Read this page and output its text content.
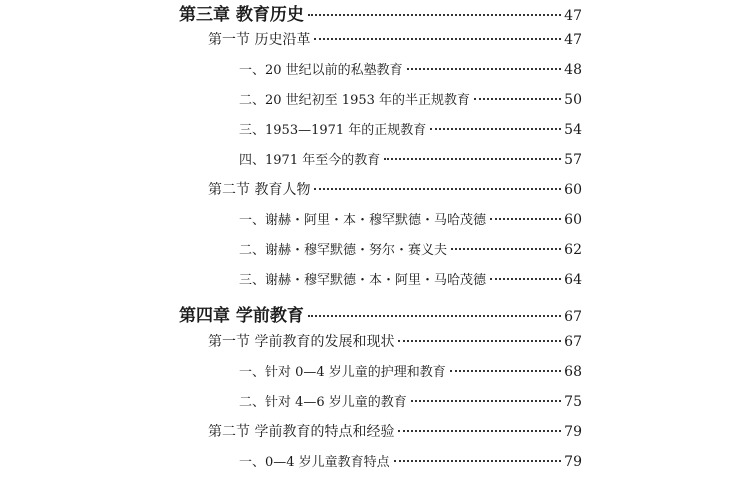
第三章 教育历史	47
第一节 历史沿革	47
一、20 世纪以前的私塾教育	48
二、20 世纪初至 1953 年的半正规教育	50
三、1953—1971 年的正规教育	54
四、1971 年至今的教育	57
第二节 教育人物	60
一、谢赫・阿里・本・穆罕默德・马哈茂德	60
二、谢赫・穆罕默德・努尔・赛义夫	62
三、谢赫・穆罕默德・本・阿里・马哈茂德	64
第四章 学前教育	67
第一节 学前教育的发展和现状	67
一、针对 0—4 岁儿童的护理和教育	68
二、针对 4—6 岁儿童的教育	75
第二节 学前教育的特点和经验	79
一、0—4 岁儿童教育特点	79
